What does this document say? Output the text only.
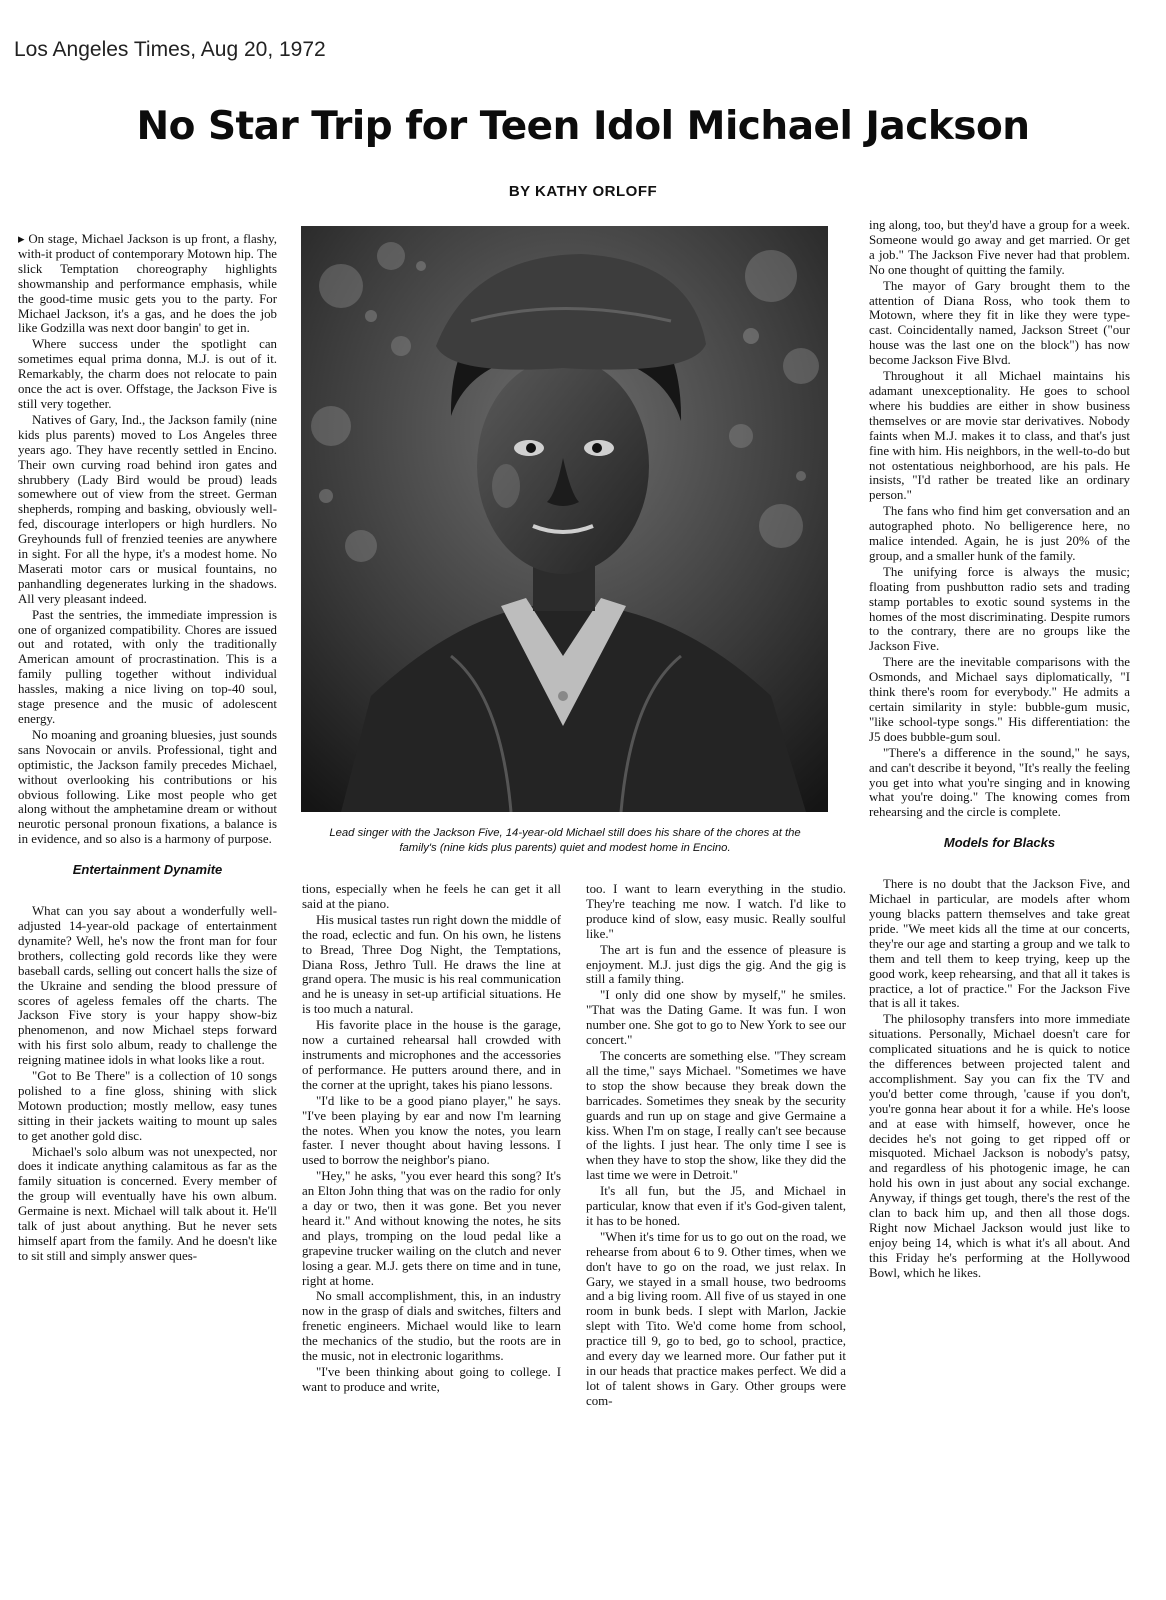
Los Angeles Times, Aug 20, 1972
No Star Trip for Teen Idol Michael Jackson
BY KATHY ORLOFF

▸ On stage, Michael Jackson is up front, a flashy, with-it product of contemporary Motown hip. The slick Temptation choreography highlights showmanship and performance emphasis, while the good-time music gets you to the party. For Michael Jackson, it's a gas, and he does the job like Godzilla was next door bangin' to get in.

Where success under the spotlight can sometimes equal prima donna, M.J. is out of it. Remarkably, the charm does not relocate to pain once the act is over. Offstage, the Jackson Five is still very together.

Natives of Gary, Ind., the Jackson family (nine kids plus parents) moved to Los Angeles three years ago. They have recently settled in Encino. Their own curving road behind iron gates and shrubbery (Lady Bird would be proud) leads somewhere out of view from the street. German shepherds, romping and basking, obviously well-fed, discourage interlopers or high hurdlers. No Greyhounds full of frenzied teenies are anywhere in sight. For all the hype, it's a modest home. No Maserati motor cars or musical fountains, no panhandling degenerates lurking in the shadows. All very pleasant indeed.

Past the sentries, the immediate impression is one of organized compatibility. Chores are issued out and rotated, with only the traditionally American amount of procrastination. This is a family pulling together without individual hassles, making a nice living on top-40 soul, stage presence and the music of adolescent energy.

No moaning and groaning bluesies, just sounds sans Novocain or anvils. Professional, tight and optimistic, the Jackson family precedes Michael, without overlooking his contributions or his obvious following. Like most people who get along without the amphetamine dream or without neurotic personal pronoun fixations, a balance is in evidence, and so also is a harmony of purpose.

Entertainment Dynamite

What can you say about a wonderfully well-adjusted 14-year-old package of entertainment dynamite? Well, he's now the front man for four brothers, collecting gold records like they were baseball cards, selling out concert halls the size of the Ukraine and sending the blood pressure of scores of ageless females off the charts. The Jackson Five story is your happy show-biz phenomenon, and now Michael steps forward with his first solo album, ready to challenge the reigning matinee idols in what looks like a rout.

"Got to Be There" is a collection of 10 songs polished to a fine gloss, shining with slick Motown production; mostly mellow, easy tunes sitting in their jackets waiting to mount up sales to get another gold disc.

Michael's solo album was not unexpected, nor does it indicate anything calamitous as far as the family situation is concerned. Every member of the group will eventually have his own album. Germaine is next. Michael will talk about it. He'll talk of just about anything. But he never sets himself apart from the family. And he doesn't like to sit still and simply answer ques-

Lead singer with the Jackson Five, 14-year-old Michael still does his share of the chores at the family's (nine kids plus parents) quiet and modest home in Encino.

tions, especially when he feels he can get it all said at the piano.

His musical tastes run right down the middle of the road, eclectic and fun. On his own, he listens to Bread, Three Dog Night, the Temptations, Diana Ross, Jethro Tull. He draws the line at grand opera. The music is his real communication and he is uneasy in set-up artificial situations. He is too much a natural.

His favorite place in the house is the garage, now a curtained rehearsal hall crowded with instruments and microphones and the accessories of performance. He putters around there, and in the corner at the upright, takes his piano lessons.

"I'd like to be a good piano player," he says. "I've been playing by ear and now I'm learning the notes. When you know the notes, you learn faster. I never thought about having lessons. I used to borrow the neighbor's piano.

"Hey," he asks, "you ever heard this song? It's an Elton John thing that was on the radio for only a day or two, then it was gone. Bet you never heard it." And without knowing the notes, he sits and plays, tromping on the loud pedal like a grapevine trucker wailing on the clutch and never losing a gear. M.J. gets there on time and in tune, right at home.

No small accomplishment, this, in an industry now in the grasp of dials and switches, filters and frenetic engineers. Michael would like to learn the mechanics of the studio, but the roots are in the music, not in electronic logarithms.

"I've been thinking about going to college. I want to produce and write,

too. I want to learn everything in the studio. They're teaching me now. I watch. I'd like to produce kind of slow, easy music. Really soulful like."

The art is fun and the essence of pleasure is enjoyment. M.J. just digs the gig. And the gig is still a family thing.

"I only did one show by myself," he smiles. "That was the Dating Game. It was fun. I won number one. She got to go to New York to see our concert."

The concerts are something else. "They scream all the time," says Michael. "Sometimes we have to stop the show because they break down the barricades. Sometimes they sneak by the security guards and run up on stage and give Germaine a kiss. When I'm on stage, I really can't see because of the lights. I just hear. The only time I see is when they have to stop the show, like they did the last time we were in Detroit."

It's all fun, but the J5, and Michael in particular, know that even if it's God-given talent, it has to be honed.

"When it's time for us to go out on the road, we rehearse from about 6 to 9. Other times, when we don't have to go on the road, we just relax. In Gary, we stayed in a small house, two bedrooms and a big living room. All five of us stayed in one room in bunk beds. I slept with Marlon, Jackie slept with Tito. We'd come home from school, practice till 9, go to bed, go to school, practice, and every day we learned more. Our father put it in our heads that practice makes perfect. We did a lot of talent shows in Gary. Other groups were com-

ing along, too, but they'd have a group for a week. Someone would go away and get married. Or get a job." The Jackson Five never had that problem. No one thought of quitting the family.

The mayor of Gary brought them to the attention of Diana Ross, who took them to Motown, where they fit in like they were type-cast. Coincidentally named, Jackson Street ("our house was the last one on the block") has now become Jackson Five Blvd.

Throughout it all Michael maintains his adamant unexceptionality. He goes to school where his buddies are either in show business themselves or are movie star derivatives. Nobody faints when M.J. makes it to class, and that's just fine with him. His neighbors, in the well-to-do but not ostentatious neighborhood, are his pals. He insists, "I'd rather be treated like an ordinary person."

The fans who find him get conversation and an autographed photo. No belligerence here, no malice intended. Again, he is just 20% of the group, and a smaller hunk of the family.

The unifying force is always the music; floating from pushbutton radio sets and trading stamp portables to exotic sound systems in the homes of the most discriminating. Despite rumors to the contrary, there are no groups like the Jackson Five.

There are the inevitable comparisons with the Osmonds, and Michael says diplomatically, "I think there's room for everybody." He admits a certain similarity in style: bubble-gum music, "like school-type songs." His differentiation: the J5 does bubble-gum soul.

"There's a difference in the sound," he says, and can't describe it beyond, "It's really the feeling you get into what you're singing and in knowing what you're doing." The knowing comes from rehearsing and the circle is complete.

Models for Blacks

There is no doubt that the Jackson Five, and Michael in particular, are models after whom young blacks pattern themselves and take great pride. "We meet kids all the time at our concerts, they're our age and starting a group and we talk to them and tell them to keep trying, keep up the good work, keep rehearsing, and that all it takes is practice, a lot of practice." For the Jackson Five that is all it takes.

The philosophy transfers into more immediate situations. Personally, Michael doesn't care for complicated situations and he is quick to notice the differences between projected talent and accomplishment. Say you can fix the TV and you'd better come through, 'cause if you don't, you're gonna hear about it for a while. He's loose and at ease with himself, however, once he decides he's not going to get ripped off or misquoted. Michael Jackson is nobody's patsy, and regardless of his photogenic image, he can hold his own in just about any social exchange. Anyway, if things get tough, there's the rest of the clan to back him up, and then all those dogs. Right now Michael Jackson would just like to enjoy being 14, which is what it's all about. And this Friday he's performing at the Hollywood Bowl, which he likes.
